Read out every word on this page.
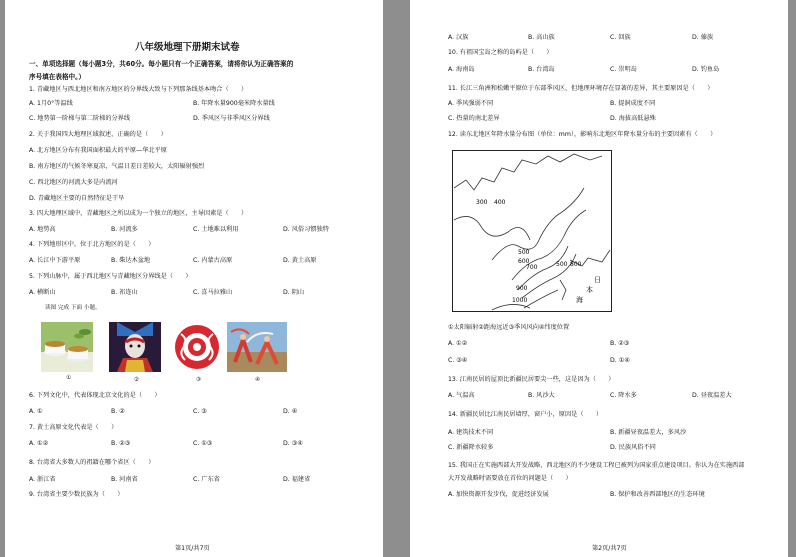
八年级地理下册期末试卷
一、单项选择题（每小题3分，共60分。每小题只有一个正确答案，请将你认为正确答案的
序号填在表格中。）
1. 青藏地区与西北地区和南方地区的分界线大致与下列那条线基本吻合（　　）
A. 1月0°等温线	B. 年降水量900毫米降水量线
C. 地势第一阶梯与第二阶梯的分界线	D. 季风区与非季风区分界线
2. 关于我国四大地理区域叙述，正确的是（　　）
A. 北方地区分布有我国面积最大的平原—华北平原
B. 南方地区的气候冬寒夏凉，气温日差日差较大，太阳辐射强烈
C. 西北地区的河流大多是内流河
D. 青藏地区主要的自然特征是干旱
3. 四大地理区域中，青藏地区之所以成为一个独立的地区，主导因素是（　　）
A. 地势高	B. 河流多	C. 土地难以利用	D. 风俗习惯独特
4. 下列地形区中，位于北方地区的是（　　）
A. 长江中下游平原	B. 柴达木盆地	C. 内蒙古高原	D. 黄土高原
5. 下列山脉中，属于西北地区与青藏地区分界线是（　　）
A. 横断山	B. 祁连山	C. 喜马拉雅山	D. 阴山
读图 完成 下面 小题。
①	②	③	④
6. 下列文化中，代表体现北京文化的是（　　）
A. ①	B. ②	C. ③	D. ④
7. 黄土高原文化代表是（　　）
A. ①②	B. ②③	C. ①③	D. ③④
8. 台湾省大多数人的祖籍在哪个省区（　　）
A. 浙江省	B. 河南省	C. 广东省	D. 福建省
9. 台湾省主要少数民族为（　　）
第1页/共7页
A. 汉族	B. 高山族	C. 回族	D. 傣族
10. 有祖国宝岛之称的岛屿是（　　）
A. 海南岛	B. 台湾岛	C. 崇明岛	D. 钓鱼岛
11. 长江三角洲和松嫩平原位于东部季风区，但地理环境存在显著的差异，其主要原因是（　　）
A. 季风强弱不同	B. 提洞成度不同
C. 热量的南北差异	D. 海拔高低悬殊
12. 读东北地区年降水量分布图（单位：mm），影响东北地区年降水量分布的主要因素有（　　）
300 400
500
600
700	500 800
900
1000
日
本
海
①太阳辐射②距海远近③季风风向④纬度位置
A. ①②	B. ②③
C. ③④	D. ①④
13. 江南民居的屋顶比新疆民居要尖一些，这是因为（　　）
A. 气温高	B. 风沙大	C. 降水多	D. 昼夜温差大
14. 新疆民居比江南民居墙厚，窗户小，原因是（　　）
A. 建筑技术不同	B. 新疆昼夜温差大，多风沙
C. 新疆降水较多	D. 民族风俗不同
15. 我国正在实施西部大开发战略，西北地区的不少建设工程已被列为国家重点建设项目。你认为在实施西部
大开发战略时需要放在首位的问题是（　　）
A. 加快资源开发步伐，促进经济发展	B. 保护和改善西部地区的生态环境
第2页/共7页
